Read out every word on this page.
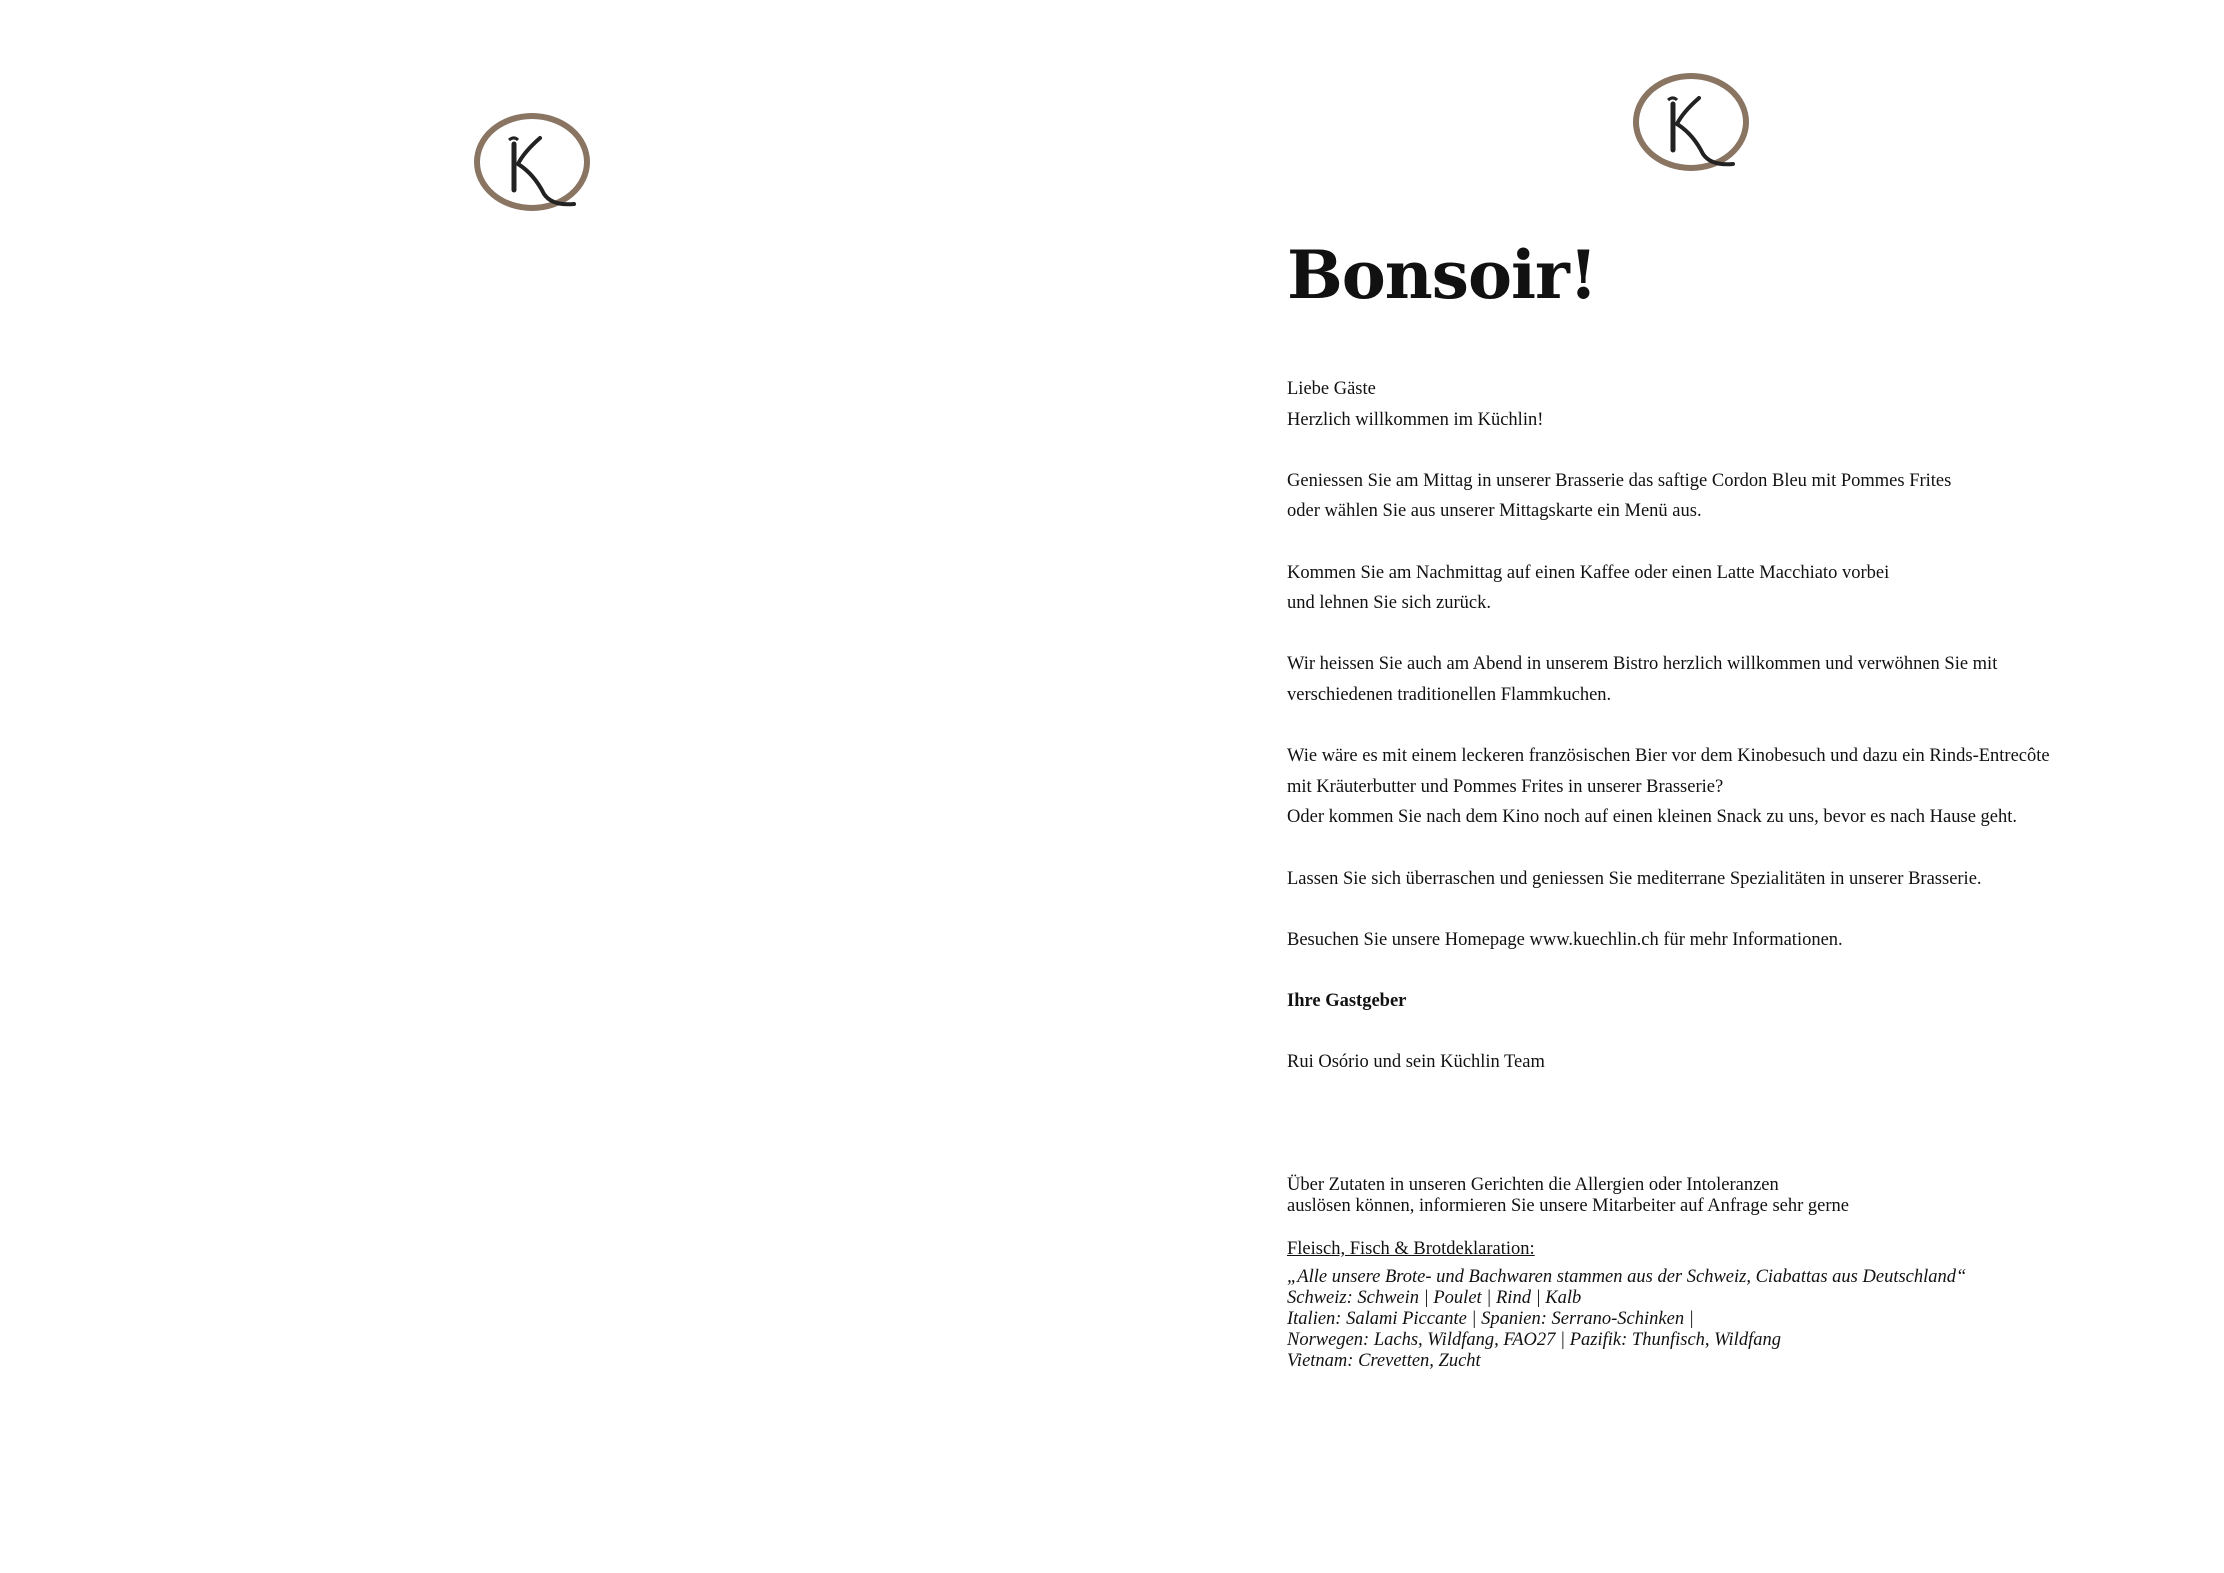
Bonsoir!

Liebe Gäste
Herzlich willkommen im Küchlin!

Geniessen Sie am Mittag in unserer Brasserie das saftige Cordon Bleu mit Pommes Frites
oder wählen Sie aus unserer Mittagskarte ein Menü aus.

Kommen Sie am Nachmittag auf einen Kaffee oder einen Latte Macchiato vorbei
und lehnen Sie sich zurück.

Wir heissen Sie auch am Abend in unserem Bistro herzlich willkommen und verwöhnen Sie mit
verschiedenen traditionellen Flammkuchen.

Wie wäre es mit einem leckeren französischen Bier vor dem Kinobesuch und dazu ein Rinds-Entrecôte
mit Kräuterbutter und Pommes Frites in unserer Brasserie?
Oder kommen Sie nach dem Kino noch auf einen kleinen Snack zu uns, bevor es nach Hause geht.

Lassen Sie sich überraschen und geniessen Sie mediterrane Spezialitäten in unserer Brasserie.

Besuchen Sie unsere Homepage www.kuechlin.ch für mehr Informationen.

Ihre Gastgeber

Rui Osório und sein Küchlin Team

Über Zutaten in unseren Gerichten die Allergien oder Intoleranzen
auslösen können, informieren Sie unsere Mitarbeiter auf Anfrage sehr gerne
Fleisch, Fisch & Brotdeklaration:
„Alle unsere Brote- und Bachwaren stammen aus der Schweiz, Ciabattas aus Deutschland“
Schweiz: Schwein | Poulet | Rind | Kalb
Italien: Salami Piccante | Spanien: Serrano-Schinken |
Norwegen: Lachs, Wildfang, FAO27 | Pazifik: Thunfisch, Wildfang
Vietnam: Crevetten, Zucht
